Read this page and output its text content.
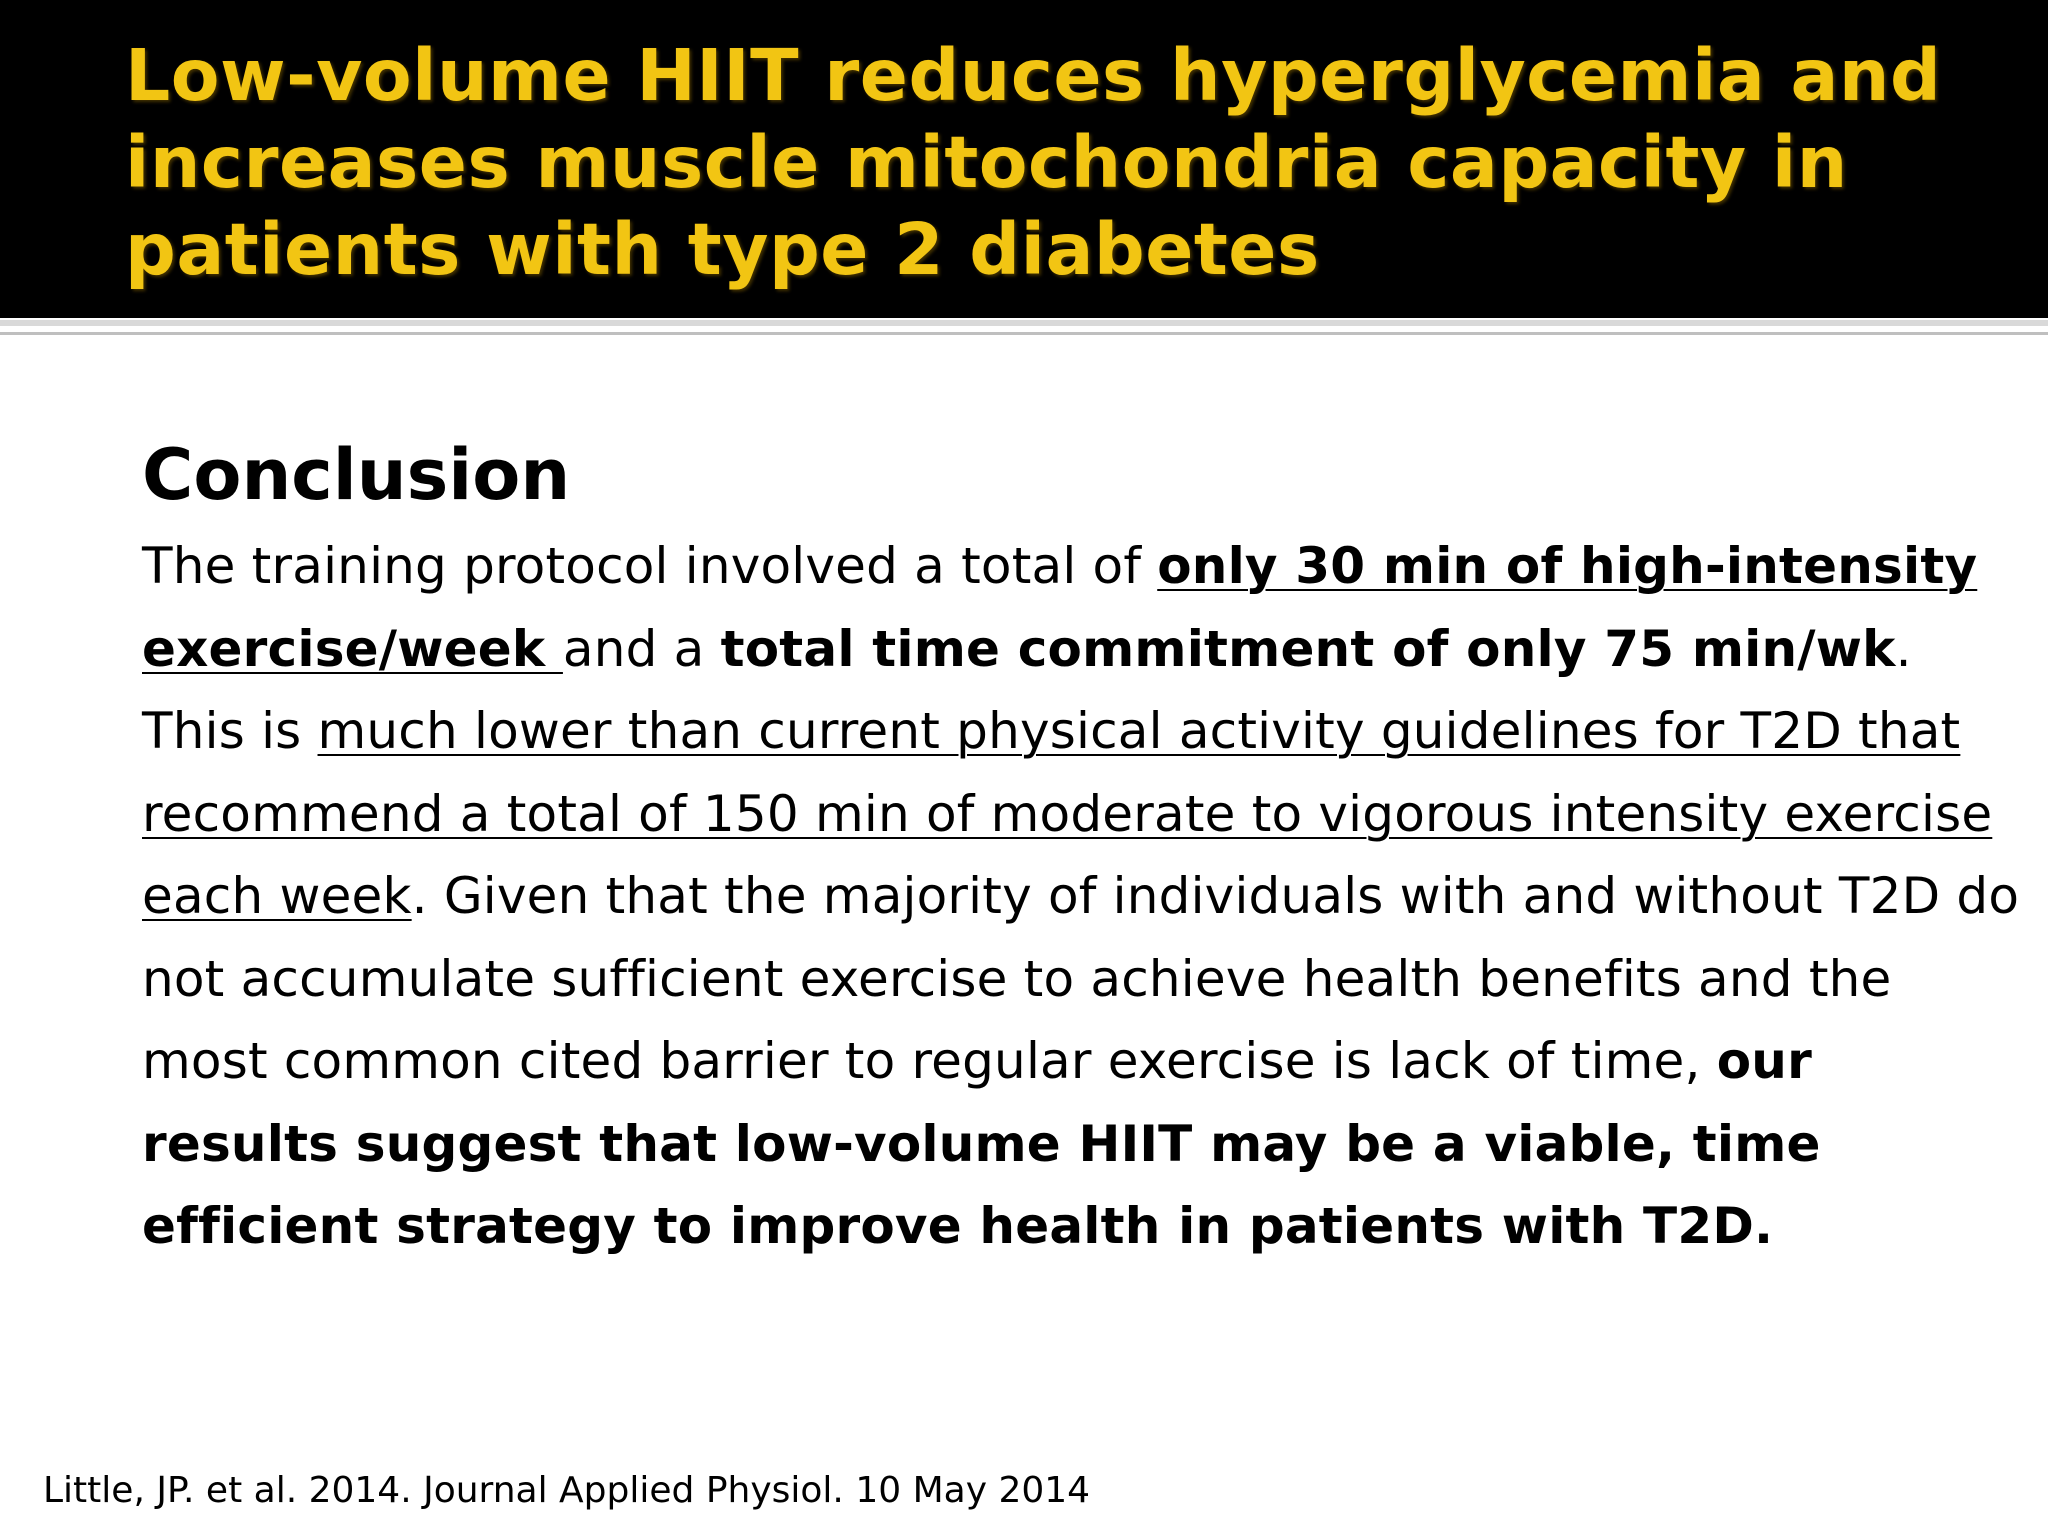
Low-volume HIIT reduces hyperglycemia and increases muscle mitochondria capacity in patients with type 2 diabetes
Conclusion

The training protocol involved a total of only 30 min of high-intensity exercise/week and a total time commitment of only 75 min/wk. This is much lower than current physical activity guidelines for T2D that recommend a total of 150 min of moderate to vigorous intensity exercise each week. Given that the majority of individuals with and without T2D do not accumulate sufficient exercise to achieve health benefits and the most common cited barrier to regular exercise is lack of time, our results suggest that low-volume HIIT may be a viable, time efficient strategy to improve health in patients with T2D.

Little, JP. et al. 2014. Journal Applied Physiol. 10 May 2014
